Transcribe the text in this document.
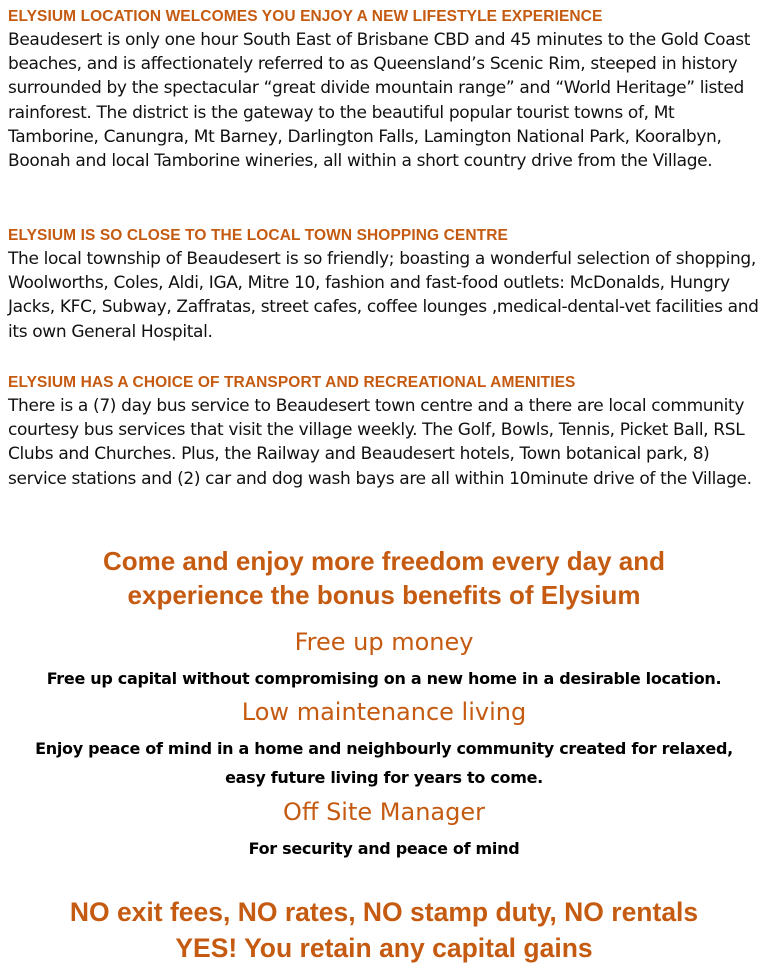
ELYSIUM LOCATION WELCOMES YOU ENJOY A NEW LIFESTYLE EXPERIENCE
Beaudesert is only one hour South East of Brisbane CBD and 45 minutes to the Gold Coast beaches, and is affectionately referred to as Queensland’s Scenic Rim, steeped in history surrounded by the spectacular “great divide mountain range” and “World Heritage” listed rainforest. The district is the gateway to the beautiful popular tourist towns of, Mt Tamborine, Canungra, Mt Barney, Darlington Falls, Lamington National Park, Kooralbyn, Boonah and local Tamborine wineries, all within a short country drive from the Village.
ELYSIUM IS SO CLOSE TO THE LOCAL TOWN SHOPPING CENTRE
The local township of Beaudesert is so friendly; boasting a wonderful selection of shopping, Woolworths, Coles, Aldi, IGA, Mitre 10, fashion and fast-food outlets: McDonalds, Hungry Jacks, KFC, Subway, Zaffratas, street cafes, coffee lounges ,medical-dental-vet facilities and its own General Hospital.
ELYSIUM HAS A CHOICE OF TRANSPORT AND RECREATIONAL AMENITIES
There is a (7) day bus service to Beaudesert town centre and a there are local community courtesy bus services that visit the village weekly. The Golf, Bowls, Tennis, Picket Ball, RSL Clubs and Churches. Plus, the Railway and Beaudesert hotels, Town botanical park, 8) service stations and (2) car and dog wash bays are all within 10minute drive of the Village.
Come and enjoy more freedom every day and
experience the bonus benefits of Elysium
Free up money
Free up capital without compromising on a new home in a desirable location.
Low maintenance living
Enjoy peace of mind in a home and neighbourly community created for relaxed,
easy future living for years to come.
Off Site Manager
For security and peace of mind
NO exit fees, NO rates, NO stamp duty, NO rentals
YES! You retain any capital gains
